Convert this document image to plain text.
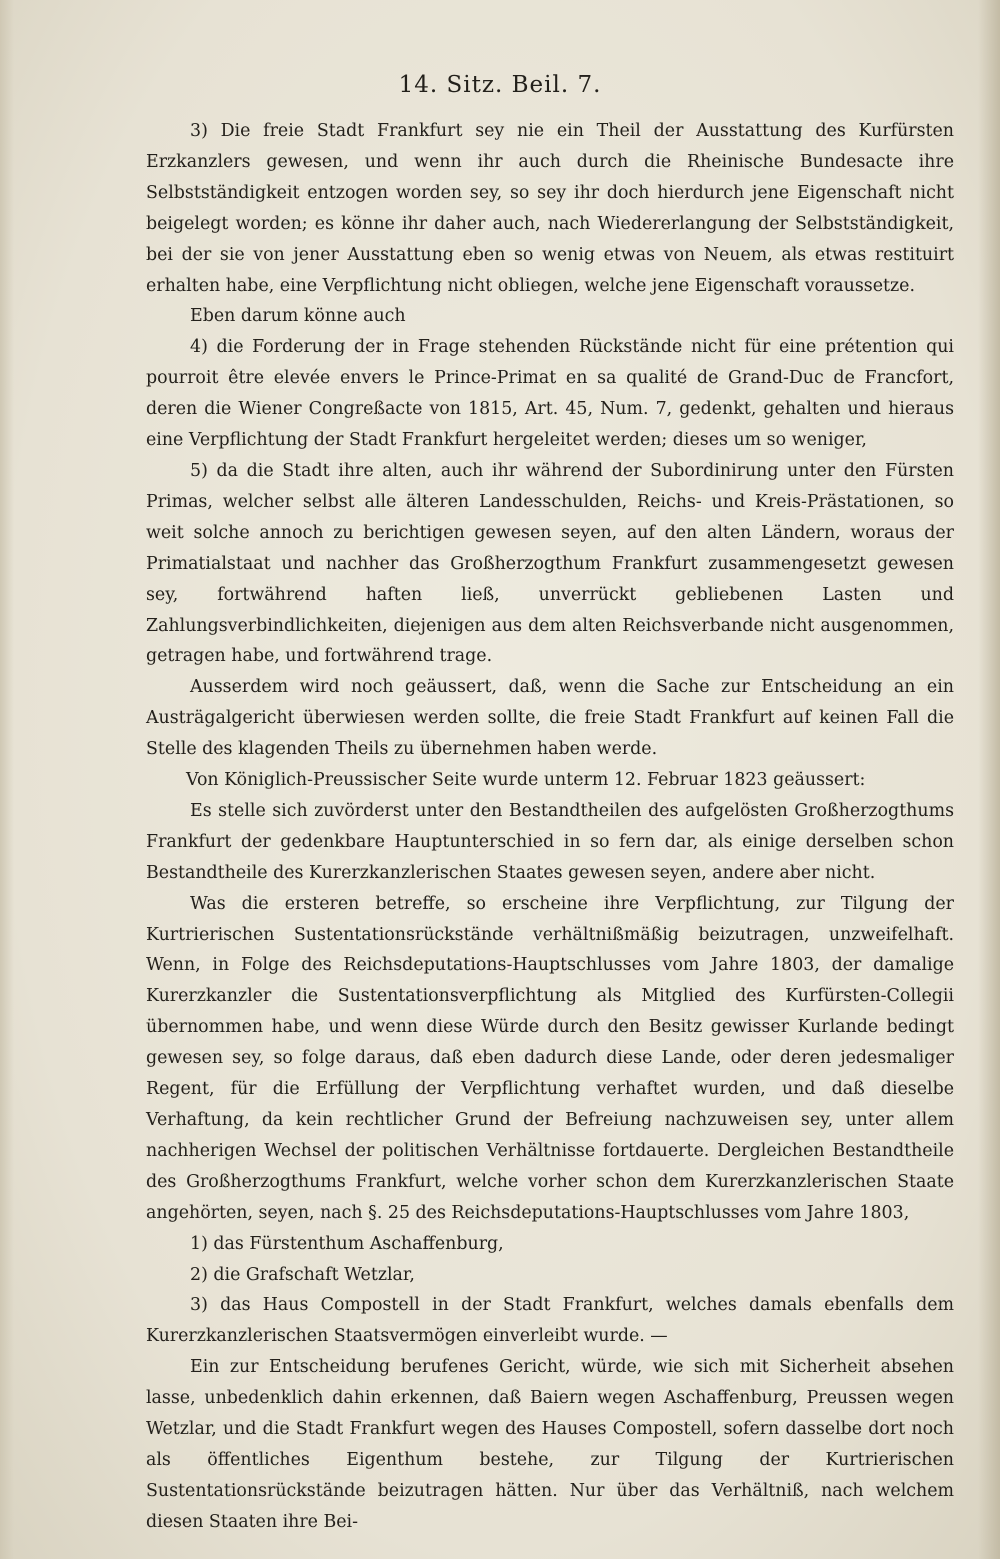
14. Sitz. Beil. 7.

3) Die freie Stadt Frankfurt sey nie ein Theil der Ausstattung des Kurfürsten Erzkanzlers gewesen, und wenn ihr auch durch die Rheinische Bundesacte ihre Selbstständigkeit entzogen worden sey, so sey ihr doch hierdurch jene Eigenschaft nicht beigelegt worden; es könne ihr daher auch, nach Wiedererlangung der Selbstständigkeit, bei der sie von jener Ausstattung eben so wenig etwas von Neuem, als etwas restituirt erhalten habe, eine Verpflichtung nicht obliegen, welche jene Eigenschaft voraussetze.

Eben darum könne auch

4) die Forderung der in Frage stehenden Rückstände nicht für eine prétention qui pourroit être elevée envers le Prince-Primat en sa qualité de Grand-Duc de Francfort, deren die Wiener Congreßacte von 1815, Art. 45, Num. 7, gedenkt, gehalten und hieraus eine Verpflichtung der Stadt Frankfurt hergeleitet werden; dieses um so weniger,

5) da die Stadt ihre alten, auch ihr während der Subordinirung unter den Fürsten Primas, welcher selbst alle älteren Landesschulden, Reichs- und Kreis-Prästationen, so weit solche annoch zu berichtigen gewesen seyen, auf den alten Ländern, woraus der Primatialstaat und nachher das Großherzogthum Frankfurt zusammengesetzt gewesen sey, fortwährend haften ließ, unverrückt gebliebenen Lasten und Zahlungsverbindlichkeiten, diejenigen aus dem alten Reichsverbande nicht ausgenommen, getragen habe, und fortwährend trage.

Ausserdem wird noch geäussert, daß, wenn die Sache zur Entscheidung an ein Austrägalgericht überwiesen werden sollte, die freie Stadt Frankfurt auf keinen Fall die Stelle des klagenden Theils zu übernehmen haben werde.

Von Königlich-Preussischer Seite wurde unterm 12. Februar 1823 geäussert:

Es stelle sich zuvörderst unter den Bestandtheilen des aufgelösten Großherzogthums Frankfurt der gedenkbare Hauptunterschied in so fern dar, als einige derselben schon Bestandtheile des Kurerzkanzlerischen Staates gewesen seyen, andere aber nicht.

Was die ersteren betreffe, so erscheine ihre Verpflichtung, zur Tilgung der Kurtrierischen Sustentationsrückstände verhältnißmäßig beizutragen, unzweifelhaft. Wenn, in Folge des Reichsdeputations-Hauptschlusses vom Jahre 1803, der damalige Kurerzkanzler die Sustentationsverpflichtung als Mitglied des Kurfürsten-Collegii übernommen habe, und wenn diese Würde durch den Besitz gewisser Kurlande bedingt gewesen sey, so folge daraus, daß eben dadurch diese Lande, oder deren jedesmaliger Regent, für die Erfüllung der Verpflichtung verhaftet wurden, und daß dieselbe Verhaftung, da kein rechtlicher Grund der Befreiung nachzuweisen sey, unter allem nachherigen Wechsel der politischen Verhältnisse fortdauerte. Dergleichen Bestandtheile des Großherzogthums Frankfurt, welche vorher schon dem Kurerzkanzlerischen Staate angehörten, seyen, nach §. 25 des Reichsdeputations-Hauptschlusses vom Jahre 1803,

1) das Fürstenthum Aschaffenburg,

2) die Grafschaft Wetzlar,

3) das Haus Compostell in der Stadt Frankfurt, welches damals ebenfalls dem Kurerzkanzlerischen Staatsvermögen einverleibt wurde. —

Ein zur Entscheidung berufenes Gericht, würde, wie sich mit Sicherheit absehen lasse, unbedenklich dahin erkennen, daß Baiern wegen Aschaffenburg, Preussen wegen Wetzlar, und die Stadt Frankfurt wegen des Hauses Compostell, sofern dasselbe dort noch als öffentliches Eigenthum bestehe, zur Tilgung der Kurtrierischen Sustentationsrückstände beizutragen hätten. Nur über das Verhältniß, nach welchem diesen Staaten ihre Bei-
